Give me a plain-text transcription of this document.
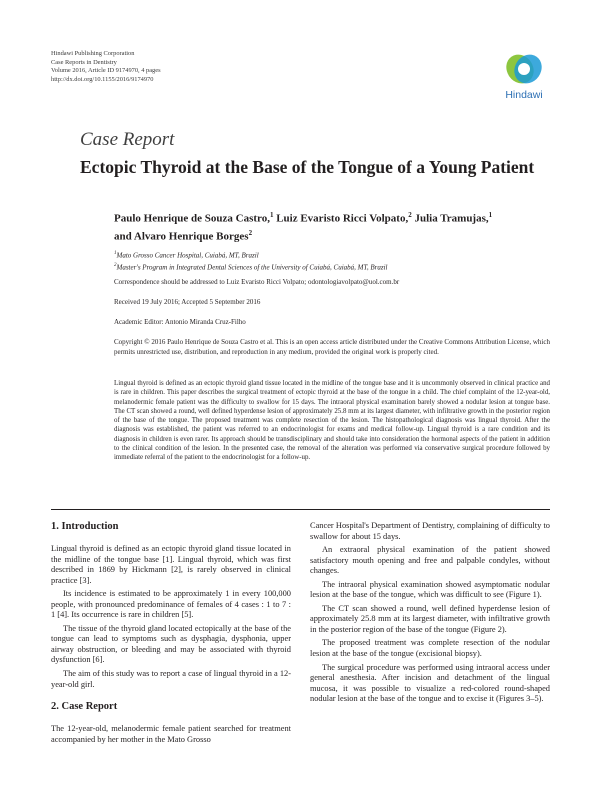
Hindawi Publishing Corporation
Case Reports in Dentistry
Volume 2016, Article ID 9174970, 4 pages
http://dx.doi.org/10.1155/2016/9174970
Hindawi
Case Report
Ectopic Thyroid at the Base of the Tongue of a Young Patient
Paulo Henrique de Souza Castro,$^1$ Luiz Evaristo Ricci Volpato,$^2$ Julia Tramujas,$^1$ and Alvaro Henrique Borges$^2$
$^1$Mato Grosso Cancer Hospital, Cuiabá, MT, Brazil
$^2$Master's Program in Integrated Dental Sciences of the University of Cuiabá, Cuiabá, MT, Brazil
Correspondence should be addressed to Luiz Evaristo Ricci Volpato; odontologiavolpato@uol.com.br
Received 19 July 2016; Accepted 5 September 2016
Academic Editor: Antonio Miranda Cruz-Filho
Copyright © 2016 Paulo Henrique de Souza Castro et al. This is an open access article distributed under the Creative Commons Attribution License, which permits unrestricted use, distribution, and reproduction in any medium, provided the original work is properly cited.
Lingual thyroid is defined as an ectopic thyroid gland tissue located in the midline of the tongue base and it is uncommonly observed in clinical practice and is rare in children. This paper describes the surgical treatment of ectopic thyroid at the base of the tongue in a child. The chief complaint of the 12-year-old, melanodermic female patient was the difficulty to swallow for 15 days. The intraoral physical examination barely showed a nodular lesion at tongue base. The CT scan showed a round, well defined hyperdense lesion of approximately 25.8 mm at its largest diameter, with infiltrative growth in the posterior region of the base of the tongue. The proposed treatment was complete resection of the lesion. The histopathological diagnosis was lingual thyroid. After the diagnosis was established, the patient was referred to an endocrinologist for exams and medical follow-up. Lingual thyroid is a rare condition and its diagnosis in children is even rarer. Its approach should be transdisciplinary and should take into consideration the hormonal aspects of the patient in addition to the clinical condition of the lesion. In the presented case, the removal of the alteration was performed via conservative surgical procedure followed by immediate referral of the patient to the endocrinologist for a follow-up.
1. Introduction

Lingual thyroid is defined as an ectopic thyroid gland tissue located in the midline of the tongue base [1]. Lingual thyroid, which was first described in 1869 by Hickmann [2], is rarely observed in clinical practice [3].

Its incidence is estimated to be approximately 1 in every 100,000 people, with pronounced predominance of females of 4 cases : 1 to 7 : 1 [4]. Its occurrence is rare in children [5].

The tissue of the thyroid gland located ectopically at the base of the tongue can lead to symptoms such as dysphagia, dysphonia, upper airway obstruction, or bleeding and may be associated with thyroid dysfunction [6].

The aim of this study was to report a case of lingual thyroid in a 12-year-old girl.

2. Case Report

The 12-year-old, melanodermic female patient searched for treatment accompanied by her mother in the Mato Grosso

Cancer Hospital's Department of Dentistry, complaining of difficulty to swallow for about 15 days.

An extraoral physical examination of the patient showed satisfactory mouth opening and free and palpable condyles, without changes.

The intraoral physical examination showed asymptomatic nodular lesion at the base of the tongue, which was difficult to see (Figure 1).

The CT scan showed a round, well defined hyperdense lesion of approximately 25.8 mm at its largest diameter, with infiltrative growth in the posterior region of the base of the tongue (Figure 2).

The proposed treatment was complete resection of the nodular lesion at the base of the tongue (excisional biopsy).

The surgical procedure was performed using intraoral access under general anesthesia. After incision and detachment of the lingual mucosa, it was possible to visualize a red-colored round-shaped nodular lesion at the base of the tongue and to excise it (Figures 3–5).
